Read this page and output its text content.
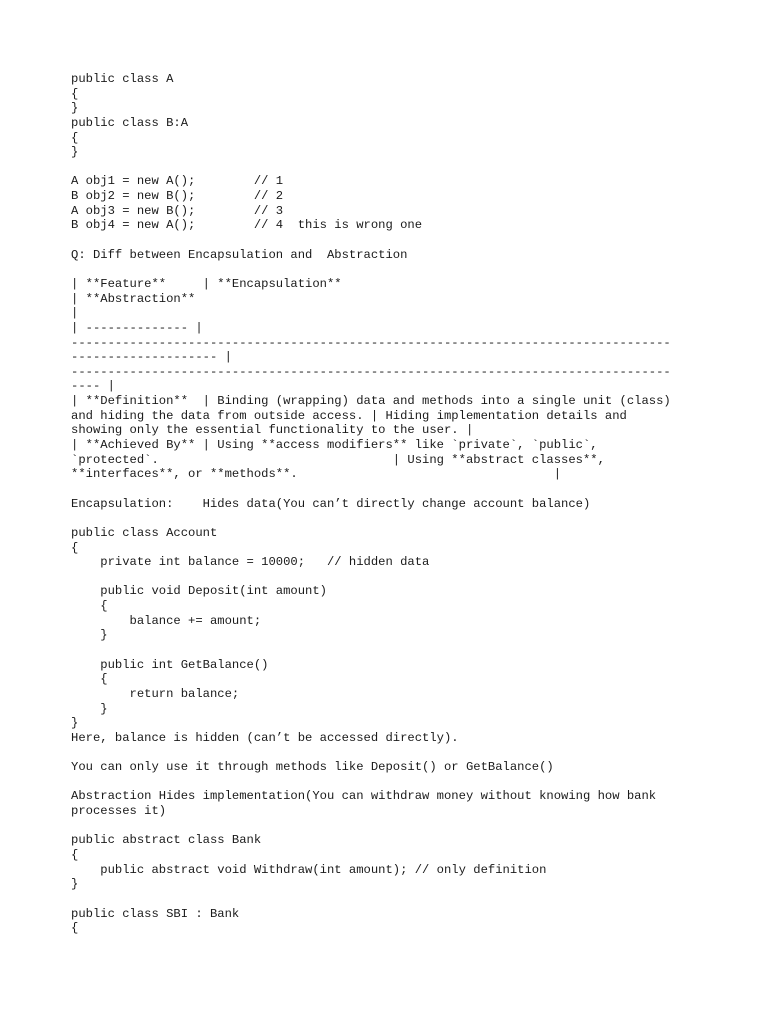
public class A
{
}
public class B:A
{
}
A obj1 = new A();        // 1
B obj2 = new B();        // 2
A obj3 = new B();        // 3
B obj4 = new A();        // 4  this is wrong one
Q: Diff between Encapsulation and  Abstraction
| **Feature**     | **Encapsulation**
| **Abstraction**
|
| -------------- |
----------------------------------------------------------------------------------
-------------------- |
----------------------------------------------------------------------------------
---- |
| **Definition**  | Binding (wrapping) data and methods into a single unit (class)
and hiding the data from outside access. | Hiding implementation details and
showing only the essential functionality to the user. |
| **Achieved By** | Using **access modifiers** like `private`, `public`,
`protected`.                                | Using **abstract classes**,
**interfaces**, or **methods**.                                   |
Encapsulation:    Hides data(You can’t directly change account balance)
public class Account
{
private int balance = 10000;   // hidden data
public void Deposit(int amount)
{
balance += amount;
}
public int GetBalance()
{
return balance;
}
}
Here, balance is hidden (can’t be accessed directly).
You can only use it through methods like Deposit() or GetBalance()
Abstraction Hides implementation(You can withdraw money without knowing how bank
processes it)
public abstract class Bank
{
public abstract void Withdraw(int amount); // only definition
}
public class SBI : Bank
{
